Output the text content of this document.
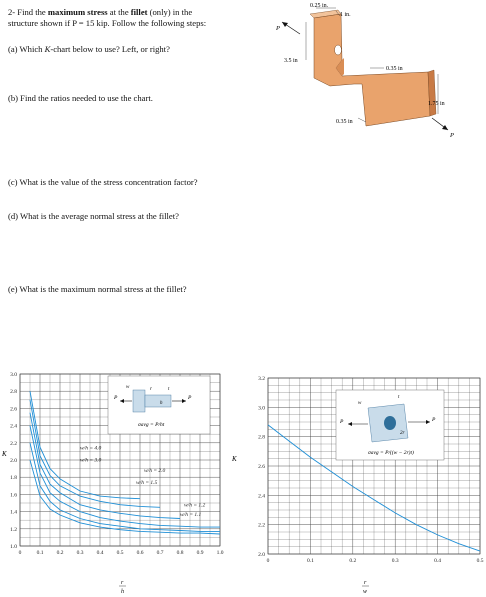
2- Find the maximum stress at the fillet (only) in the
structure shown if P = 15 kip. Follow the following steps:
(a) Which K-chart below to use? Left, or right?
(b) Find the ratios needed to use the chart.
(c) What is the value of the stress concentration factor?
(d) What is the average normal stress at the fillet?
(e) What is the maximum normal stress at the fillet?
0.25 in.
1 in.
3.5 in
0.35 in
0.35 in
1.75 in
P
P
K
0	0.1 0.2 0.3 0.4 0.5 0.6 0.7 0.8 0.9 1.0
1.0
1.2
1.4
1.6
1.8
2.0
2.2
2.4
2.6
2.8
3.0
P	P
w
h
r	t
σavg = P/ht
w/h = 4.0
w/h = 3.0
w/h = 2.0
w/h = 1.5
w/h = 1.2
w/h = 1.1
r
h
K
0	0.1	0.2	0.3	0.4	0.5
2.0
2.2
2.4
2.6
2.8
3.0
3.2
P	P
w
t
2r
σavg = P/((w − 2r)t)
r
w
